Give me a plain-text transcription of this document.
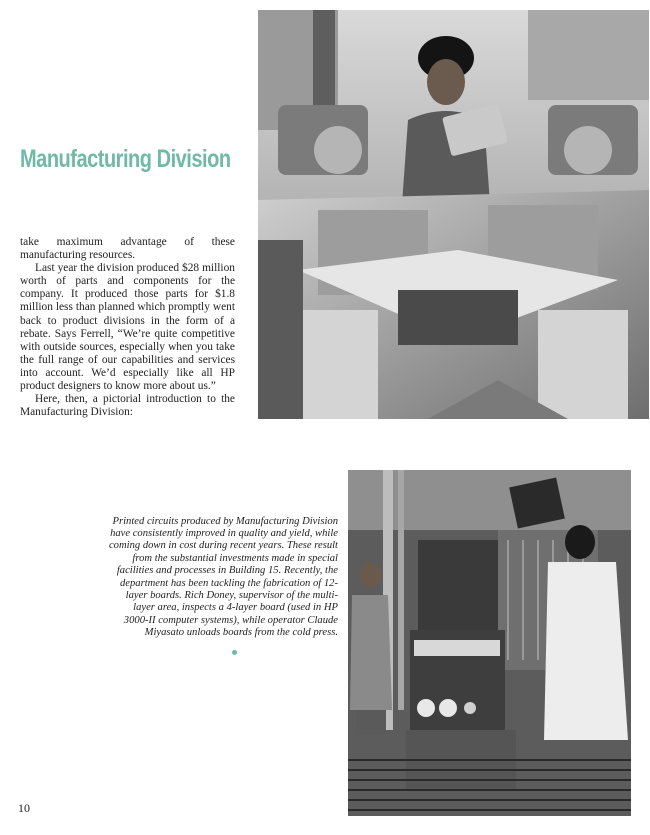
Manufacturing Division

take maximum advantage of these manufacturing resources.

Last year the division produced $28 million worth of parts and components for the company. It produced those parts for $1.8 million less than planned which promptly went back to product divisions in the form of a rebate. Says Ferrell, “We’re quite competitive with outside sources, especially when you take the full range of our capabilities and services into account. We’d especially like all HP product designers to know more about us.”

Here, then, a pictorial introduction to the Manufacturing Division:

Printed circuits produced by Manufacturing Division have consistently improved in quality and yield, while coming down in cost during recent years. These result from the substantial investments made in special facilities and processes in Building 15. Recently, the department has been tackling the fabrication of 12-layer boards. Rich Doney, supervisor of the multi-layer area, inspects a 4-layer board (used in HP 3000-II computer systems), while operator Claude Miyasato unloads boards from the cold press.

10
